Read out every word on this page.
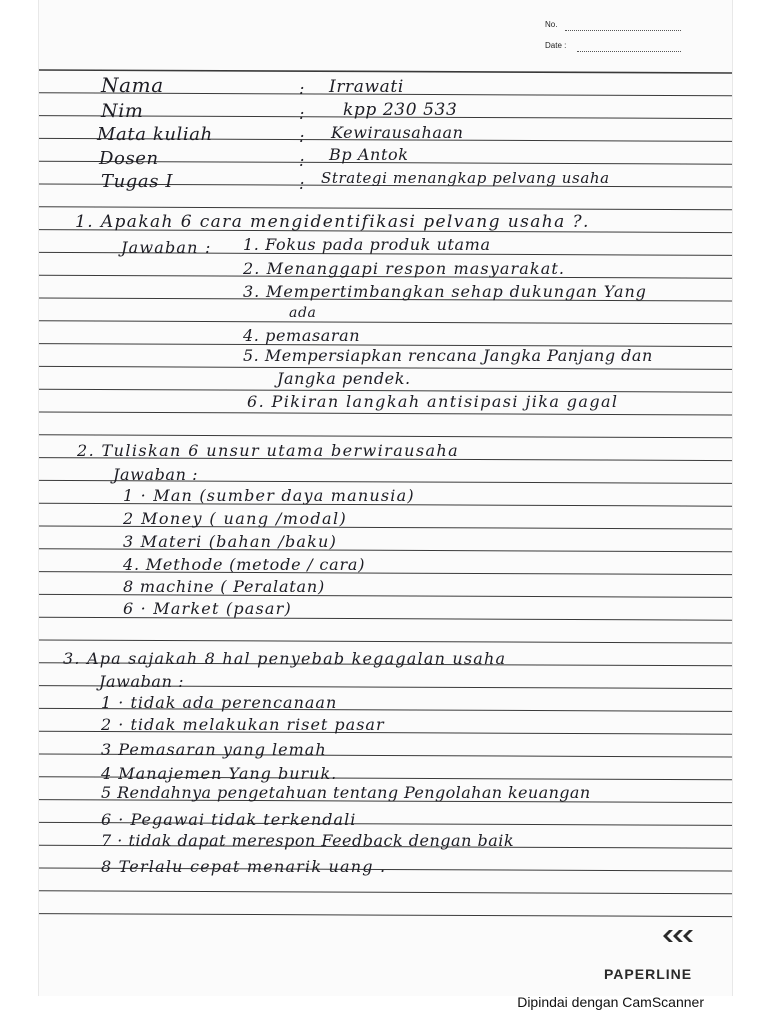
No.
Date :
Nama	: Irrawati
Nim	: kpp 230 533
Mata kuliah	: Kewirausahaan
Dosen	: Bp Antok
Tugas I	: Strategi menangkap pelvang usaha
1. Apakah 6 cara mengidentifikasi pelvang usaha ?.
Jawaban : 1. Fokus pada produk utama
2. Menanggapi respon masyarakat.
3. Mempertimbangkan sehap dukungan Yang
ada
4. pemasaran
5. Mempersiapkan rencana Jangka Panjang dan
Jangka pendek.
6. Pikiran langkah antisipasi jika gagal
2. Tuliskan 6 unsur utama berwirausaha
Jawaban :
1 · Man (sumber daya manusia)
2 Money ( uang /modal)
3 Materi (bahan /baku)
4. Methode (metode / cara)
8 machine ( Peralatan)
6 · Market (pasar)
3. Apa sajakah 8 hal penyebab kegagalan usaha
Jawaban :
1 · tidak ada perencanaan
2 · tidak melakukan riset pasar
3 Pemasaran yang lemah
4 Manajemen Yang buruk.
5 Rendahnya pengetahuan tentang Pengolahan keuangan
6 · Pegawai tidak terkendali
7 · tidak dapat merespon Feedback dengan baik
8 Terlalu cepat menarik uang .
PAPERLINE
Dipindai dengan CamScanner
